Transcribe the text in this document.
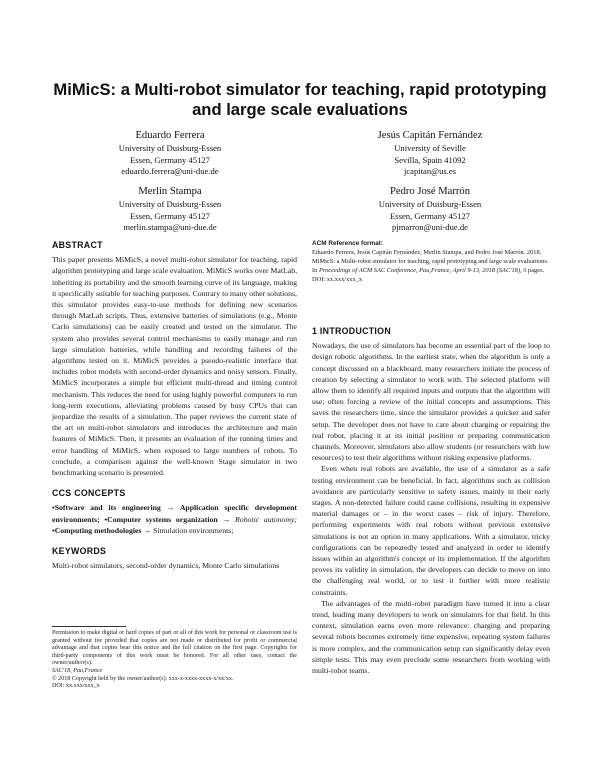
MiMicS: a Multi-robot simulator for teaching, rapid prototyping
and large scale evaluations
Eduardo Ferrera
University of Duisburg-Essen
Essen, Germany 45127
eduardo.ferrera@uni-due.de
Jesús Capitán Fernández
University of Seville
Sevilla, Spain 41092
jcapitan@us.es
Merlin Stampa
University of Duisburg-Essen
Essen, Germany 45127
merlin.stampa@uni-due.de
Pedro José Marrón
University of Duisburg-Essen
Essen, Germany 45127
pjmarron@uni-due.de
ABSTRACT

This paper presents MiMicS, a novel multi-robot simulator for teaching, rapid algorithm prototyping and large scale evaluation. MiMicS works over MatLab, inheriting its portability and the smooth learning curve of its language, making it specifically suitable for teaching purposes. Contrary to many other solutions, this simulator provides easy-to-use methods for defining new scenarios through MatLab scripts. Thus, extensive batteries of simulations (e.g., Monte Carlo simulations) can be easily created and tested on the simulator. The system also provides several control mechanisms to easily manage and run large simulation batteries, while handling and recording failures of the algorithms tested on it. MiMicS provides a pseudo-realistic interface that includes robot models with second-order dynamics and noisy sensors. Finally, MiMicS incorporates a simple but efficient multi-thread and timing control mechanism. This reduces the need for using highly powerful computers to run long-term executions, alleviating problems caused by busy CPUs that can jeopardize the results of a simulation. The paper reviews the current state of the art on multi-robot simulators and introduces the architecture and main features of MiMicS. Then, it presents an evaluation of the running times and error handling of MiMicS, when exposed to large numbers of robots. To conclude, a comparison against the well-known Stage simulator in two benchmarking scenario is presented.

CCS CONCEPTS

•Software and its engineering → Application specific development environments; •Computer systems organization → Robotic autonomy; •Computing methodologies → Simulation environments;

KEYWORDS

Multi-robot simulators, second-order dynamics, Monte Carlo simulations

Permission to make digital or hard copies of part or all of this work for personal or classroom use is granted without fee provided that copies are not made or distributed for profit or commercial advantage and that copies bear this notice and the full citation on the first page. Copyrights for third-party components of this work must be honored. For all other uses, contact the owner/author(s).

SAC'18, Pau,France
© 2018 Copyright held by the owner/author(s). xxx-x-xxxx-xxxx-x/xx/xx.
DOI: xx.xxx/xxx_x
ACM Reference format:

Eduardo Ferrera, Jesús Capitán Fernández, Merlin Stampa, and Pedro José Marrón. 2018. MiMicS: a Multi-robot simulator for teaching, rapid prototyping and large scale evaluations. In Proceedings of ACM SAC Conference, Pau,France, April 9-13, 2018 (SAC'18), 8 pages.

DOI: xx.xxx/xxx_x
1 INTRODUCTION

Nowadays, the use of simulators has become an essential part of the loop to design robotic algorithms. In the earliest state, when the algorithm is only a concept discussed on a blackboard, many researchers initiate the process of creation by selecting a simulator to work with. The selected platform will allow them to identify all required inputs and outputs that the algorithm will use; often forcing a review of the initial concepts and assumptions. This saves the researchers time, since the simulator provides a quicker and safer setup. The developer does not have to care about charging or repairing the real robot, placing it at its initial position or preparing communication channels. Moreover, simulators also allow students (or researchers with low resources) to test their algorithms without risking expensive platforms.

Even when real robots are available, the use of a simulator as a safe testing environment can be beneficial. In fact, algorithms such as collision avoidance are particularly sensitive to safety issues, mainly in their early stages. A non-detected failure could cause collisions, resulting in expensive material damages or – in the worst cases – risk of injury. Therefore, performing experiments with real robots without previous extensive simulations is not an option in many applications. With a simulator, tricky configurations can be repeatedly tested and analyzed in order to identify issues within an algorithm's concept or its implementation. If the algorithm proves its validity in simulation, the developers can decide to move on into the challenging real world, or to test it further with more realistic constraints.

The advantages of the multi-robot paradigm have turned it into a clear trend, leading many developers to work on simulators for that field. In this context, simulation earns even more relevance: charging and preparing several robots becomes extremely time expensive, repeating system failures is more complex, and the communication setup can significantly delay even simple tests. This may even preclude some researchers from working with multi-robot teams.
